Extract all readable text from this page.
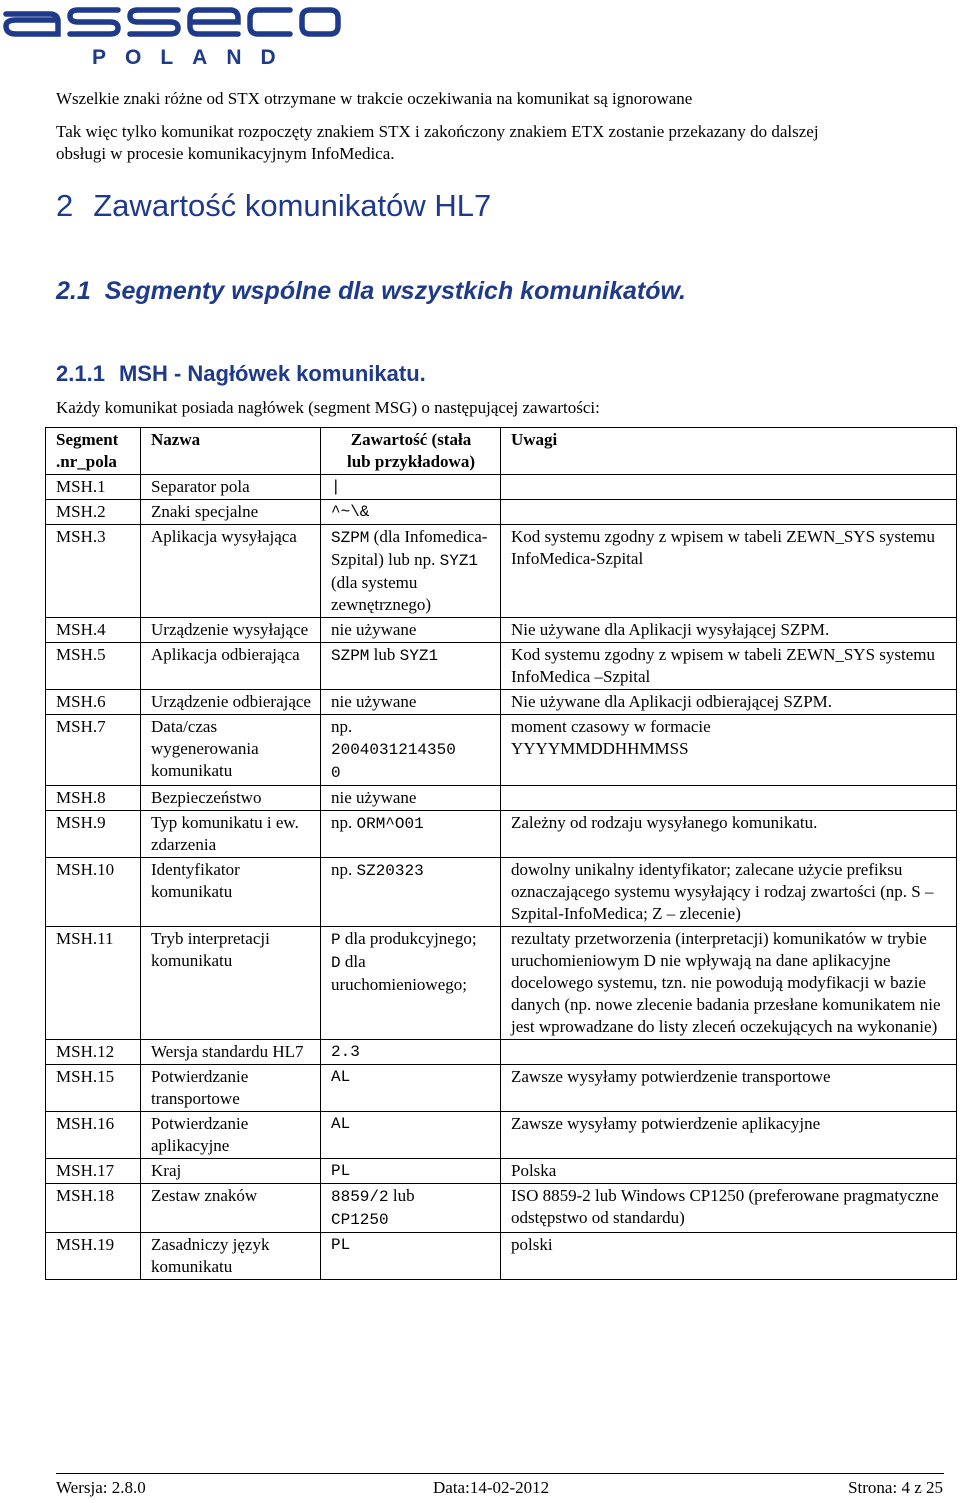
POLAND
Wszelkie znaki różne od STX otrzymane w trakcie oczekiwania na komunikat są ignorowane
Tak więc tylko komunikat rozpoczęty znakiem STX i zakończony znakiem ETX zostanie przekazany do dalszej
obsługi w procesie komunikacyjnym InfoMedica.
2 Zawartość komunikatów HL7
2.1 Segmenty wspólne dla wszystkich komunikatów.
2.1.1 MSH - Nagłówek komunikatu.
Każdy komunikat posiada nagłówek (segment MSG) o następującej zawartości:
Segment
.nr_pola	Nazwa	Zawartość (stała
lub przykładowa)	Uwagi
MSH.1	Separator pola	|	
MSH.2	Znaki specjalne	^~\&	
MSH.3	Aplikacja wysyłająca	SZPM (dla Infomedica-Szpital) lub np. SYZ1 (dla systemu zewnętrznego)	Kod systemu zgodny z wpisem w tabeli ZEWN_SYS systemu InfoMedica-Szpital
MSH.4	Urządzenie wysyłające	nie używane	Nie używane dla Aplikacji wysyłającej SZPM.
MSH.5	Aplikacja odbierająca	SZPM lub SYZ1	Kod systemu zgodny z wpisem w tabeli ZEWN_SYS systemu InfoMedica –Szpital
MSH.6	Urządzenie odbierające	nie używane	Nie używane dla Aplikacji odbierającej SZPM.
MSH.7	Data/czas wygenerowania komunikatu	np.
2004031214350
0	moment czasowy w formacie
YYYYMMDDHHMMSS
MSH.8	Bezpieczeństwo	nie używane	
MSH.9	Typ komunikatu i ew. zdarzenia	np. ORM^O01	Zależny od rodzaju wysyłanego komunikatu.
MSH.10	Identyfikator komunikatu	np. SZ20323	dowolny unikalny identyfikator; zalecane użycie prefiksu oznaczającego systemu wysyłający i rodzaj zwartości (np. S – Szpital-InfoMedica; Z – zlecenie)
MSH.11	Tryb interpretacji komunikatu	P dla produkcyjnego;
D dla uruchomieniowego;	rezultaty przetworzenia (interpretacji) komunikatów w trybie uruchomieniowym D nie wpływają na dane aplikacyjne docelowego systemu, tzn. nie powodują modyfikacji w bazie danych (np. nowe zlecenie badania przesłane komunikatem nie jest wprowadzane do listy zleceń oczekujących na wykonanie)
MSH.12	Wersja standardu HL7	2.3	
MSH.15	Potwierdzanie transportowe	AL	Zawsze wysyłamy potwierdzenie transportowe
MSH.16	Potwierdzanie aplikacyjne	AL	Zawsze wysyłamy potwierdzenie aplikacyjne
MSH.17	Kraj	PL	Polska
MSH.18	Zestaw znaków	8859/2 lub
CP1250	ISO 8859-2 lub Windows CP1250 (preferowane pragmatyczne odstępstwo od standardu)
MSH.19	Zasadniczy język komunikatu	PL	polski
Wersja: 2.8.0	Data:14-02-2012	Strona: 4 z 25
